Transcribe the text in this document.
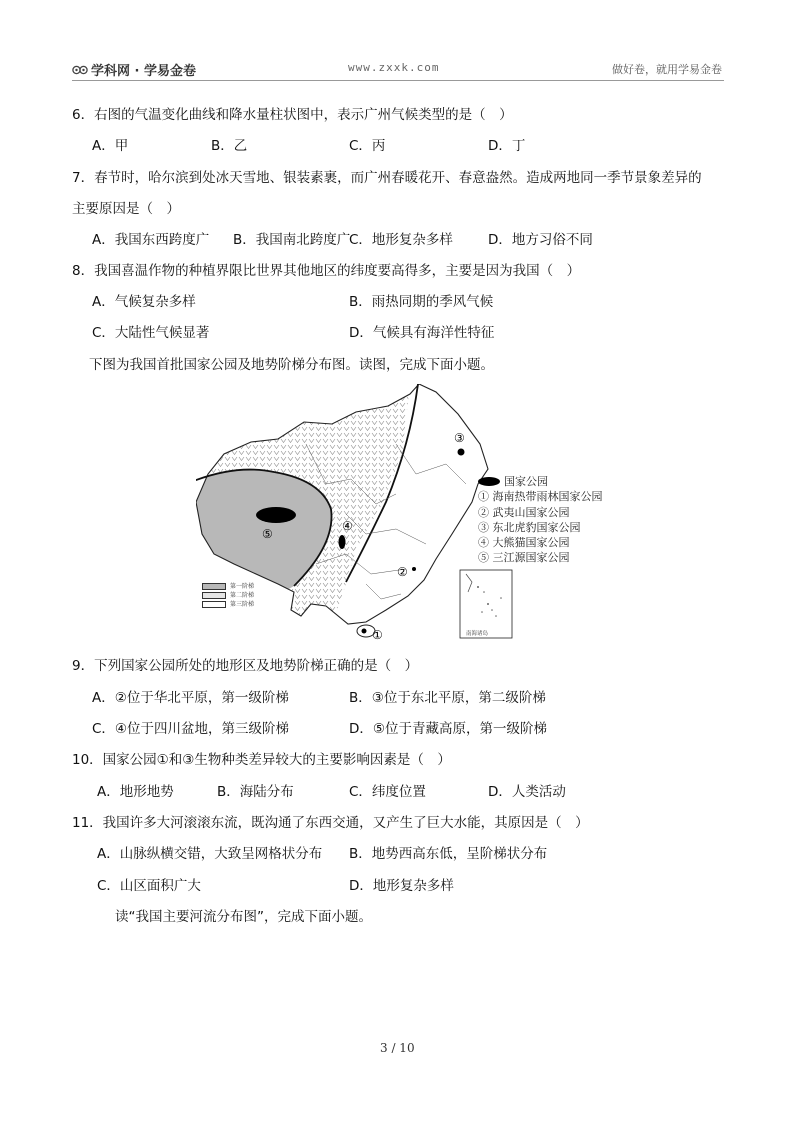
学科网 · 学易金卷	www.zxxk.com	做好卷，就用学易金卷
6．右图的气温变化曲线和降水量柱状图中，表示广州气候类型的是（　）
A．甲	B．乙	C．丙	D．丁
7．春节时，哈尔滨到处冰天雪地、银装素裹，而广州春暖花开、春意盎然。造成两地同一季节景象差异的
主要原因是（　）
A．我国东西跨度广 B．我国南北跨度广
C．地形复杂多样	D．地方习俗不同
8．我国喜温作物的种植界限比世界其他地区的纬度要高得多，主要是因为我国（　）
A．气候复杂多样	B．雨热同期的季风气候
C．大陆性气候显著	D．气候具有海洋性特征
下图为我国首批国家公园及地势阶梯分布图。读图，完成下面小题。
⑤
④
②
③
①	南海诸岛
第一阶梯
第二阶梯
第三阶梯
国家公园
① 海南热带雨林国家公园
② 武夷山国家公园
③ 东北虎豹国家公园
④ 大熊猫国家公园
⑤ 三江源国家公园
9．下列国家公园所处的地形区及地势阶梯正确的是（　）
A．②位于华北平原，第一级阶梯	B．③位于东北平原，第二级阶梯
C．④位于四川盆地，第三级阶梯	D．⑤位于青藏高原，第一级阶梯
10．国家公园①和③生物种类差异较大的主要影响因素是（　）
A．地形地势	B．海陆分布	C．纬度位置	D．人类活动
11．我国许多大河滚滚东流，既沟通了东西交通，又产生了巨大水能，其原因是（　）
A．山脉纵横交错，大致呈网格状分布 B．地势西高东低，呈阶梯状分布
C．山区面积广大	D．地形复杂多样
读“我国主要河流分布图”，完成下面小题。
3 / 10
